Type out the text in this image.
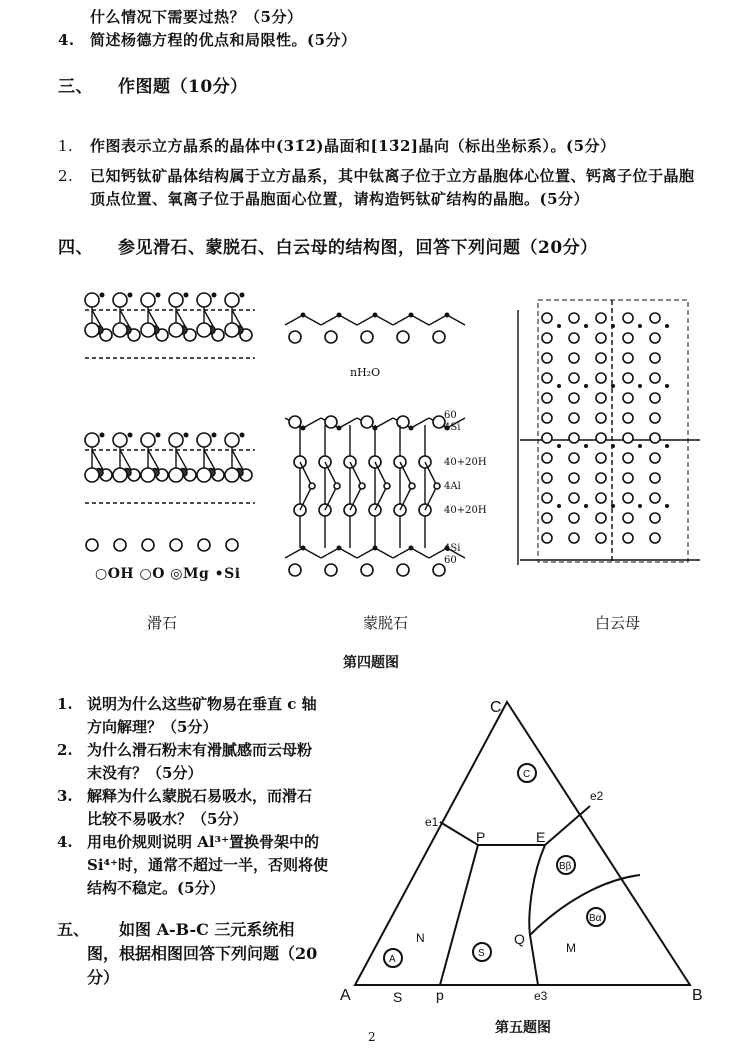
什么情况下需要过热？（5分）
4. 简述杨德方程的优点和局限性。(5分）
三、 作图题（10分）
1. 作图表示立方晶系的晶体中(31̄2̄)晶面和[13̄2]晶向（标出坐标系）。(5分）
2. 已知钙钛矿晶体结构属于立方晶系，其中钛离子位于立方晶胞体心位置、钙离子位于晶胞
顶点位置、氧离子位于晶胞面心位置，请构造钙钛矿结构的晶胞。(5分）
四、 参见滑石、蒙脱石、白云母的结构图，回答下列问题（20分）
○OH ○O ◎Mg •Si
nH₂O
60
4Si
40+20H
4Al
40+20H
4Si
60
滑石	蒙脱石	白云母
第四题图
1. 说明为什么这些矿物易在垂直 c 轴
方向解理？（5分）
2. 为什么滑石粉末有滑腻感而云母粉
末没有？（5分）
3. 解释为什么蒙脱石易吸水，而滑石
比较不易吸水？（5分）
4. 用电价规则说明 Al³⁺置换骨架中的
Si⁴⁺时，通常不超过一半，否则将使
结构不稳定。(5分）
五、 如图 A-B-C 三元系统相
图，根据相图回答下列问题（20
分）
A	B
C
e1
e2
e3
P	E
Q
S p
N
M
A
S
C
Bβ
Bα
第五题图
2
